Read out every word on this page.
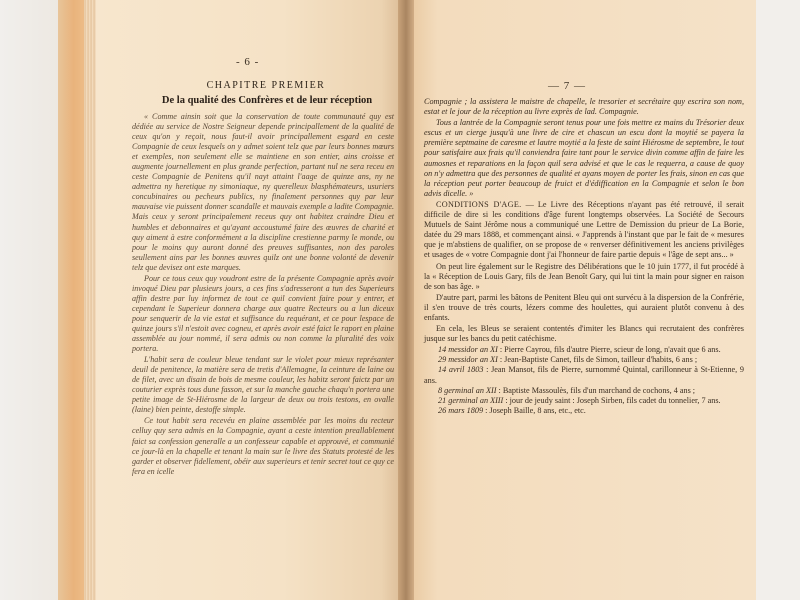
- 6 -
CHAPITRE PREMIER
De la qualité des Confrères et de leur réception

« Comme ainsin soit que la conservation de toute communauté quy est dédiée au service de Nostre Seigneur depende principallement de la qualité de ceux qu'on y reçoit, nous faut-il avoir principallement esgard en ceste Compagnie de ceux lesquels on y admet soient telz que par leurs bonnes mœurs et exemples, non seulement elle se maintiene en son entier, ains croisse et augmente journellement en plus grande perfection, partant nul ne sera receu en ceste Compagnie de Penitens qu'il nayt attaint l'aage de quinze ans, ny ne admettra ny heretique ny simoniaque, ny querelleux blasphémateurs, usuriers concubinaires ou pecheurs publics, ny finalement personnes quy par leur mauvaise vie puissent donner scandalle et mauvais exemple a ladite Compagnie. Mais ceux y seront principalement receus quy ont habitez craindre Dieu et humbles et debonnaires et qu'ayant accoustumé faire des œuvres de charité et quy aiment à estre conformément a la discipline crestienne parmy le monde, ou pour le moins quy auront donné des preuves suffisantes, non des paroles seullement ains par les bonnes œuvres quilz ont une bonne volonté de devenir telz que devisez ont este marques.

Pour ce tous ceux quy voudront estre de la présente Compagnie après avoir invoqué Dieu par plusieurs jours, a ces fins s'adresseront a tun des Superieurs affin destre par luy informez de tout ce quil convient faire pour y entrer, et cependant le Superieur donnera charge aux quatre Recteurs ou a lun diceux pour senquerir de la vie estat et suffisance du requérant, et ce pour lespace de quinze jours s'il n'estoit avec cogneu, et après avoir esté faict le raport en plaine assemblée au jour nommé, il sera admis ou non comme la pluralité des voix portera.

L'habit sera de couleur bleue tendant sur le violet pour mieux représanter deuil de penitence, la matière sera de tretis d'Allemagne, la ceinture de laine ou de filet, avec un disain de bois de mesme couleur, les habitz seront faictz par un couturier exprès tous dune fasson, et sur la manche gauche chaqu'n portera une petite image de St-Hiérosme de la largeur de deux ou trois testons, en ovalle (laine) bien peinte, destoffe simple.

Ce tout habit sera recevéu en plaine assemblée par les moins du recteur celluy quy sera admis en la Compagnie, ayant a ceste intention preallablement faict sa confession generalle a un confesseur capable et approuvé, et communié ce jour-là en la chapelle et tenant la main sur le livre des Statuts protesté de les garder et observer fidellement, obéir aux superieurs et tenir secret tout ce quy ce fera en icelle

— 7 —

Compagnie ; la assistera le maistre de chapelle, le tresorier et secrétaire quy escrira son nom, estat et le jour de la réception au livre exprès de lad. Compagnie.

Tous a lantrée de la Compagnie seront tenus pour une fois mettre ez mains du Trésorier deux escus et un cierge jusqu'à une livre de cire et chascun un escu dont la moytié se payera la première septmaine de caresme et lautre moytié a la feste de saint Hiérosme de septembre, le tout pour satisfaire aux frais qu'il conviendra faire tant pour le service divin comme affin de faire les aumosnes et reparations en la façon quil sera advisé et que le cas le requerra, a cause de quoy on n'y admettra que des personnes de qualité et ayans moyen de porter les frais, sinon en cas que la réception peut porter beaucoup de fruict et d'édiffication en la Compagnie et selon le bon advis dicelle. »

CONDITIONS D'AGE. — Le Livre des Réceptions n'ayant pas été retrouvé, il serait difficile de dire si les conditions d'âge furent longtemps observées. La Société de Secours Mutuels de Saint Jérôme nous a communiqué une Lettre de Demission du prieur de La Borie, datée du 29 mars 1888, et commençant ainsi. « J'apprends à l'instant que par le fait de « mesures que je m'abstiens de qualifier, on se propose de « renverser définitivement les anciens privilèges et usages de « votre Compagnie dont j'ai l'honneur de faire partie depuis « l'âge de sept ans... »

On peut lire également sur le Registre des Délibérations que le 10 juin 1777, il fut procédé à la « Réception de Louis Gary, fils de Jean Benoît Gary, qui lui tint la main pour signer en raison de son bas âge. »

D'autre part, parmi les bâtons de Penitent Bleu qui ont survécu à la dispersion de la Confrérie, il s'en trouve de très courts, lézers comme des houlettes, qui auraient plutôt convenu à des enfants.

En cela, les Bleus se seraient contentés d'imiter les Blancs qui recrutaient des confrères jusque sur les bancs du petit catéchisme.

14 messidor an XI : Pierre Cayrou, fils d'autre Pierre, scieur de long, n'avait que 6 ans.

29 messidor an XI : Jean-Baptiste Canet, fils de Simon, tailleur d'habits, 6 ans ;

14 avril 1803 : Jean Mansot, fils de Pierre, surnommé Quintal, carillonneur à St-Etienne, 9 ans.

8 germinal an XII : Baptiste Massoulès, fils d'un marchand de cochons, 4 ans ;

21 germinal an XIII : jour de jeudy saint : Joseph Sirben, fils cadet du tonnelier, 7 ans.

26 mars 1809 : Joseph Baille, 8 ans, etc., etc.
